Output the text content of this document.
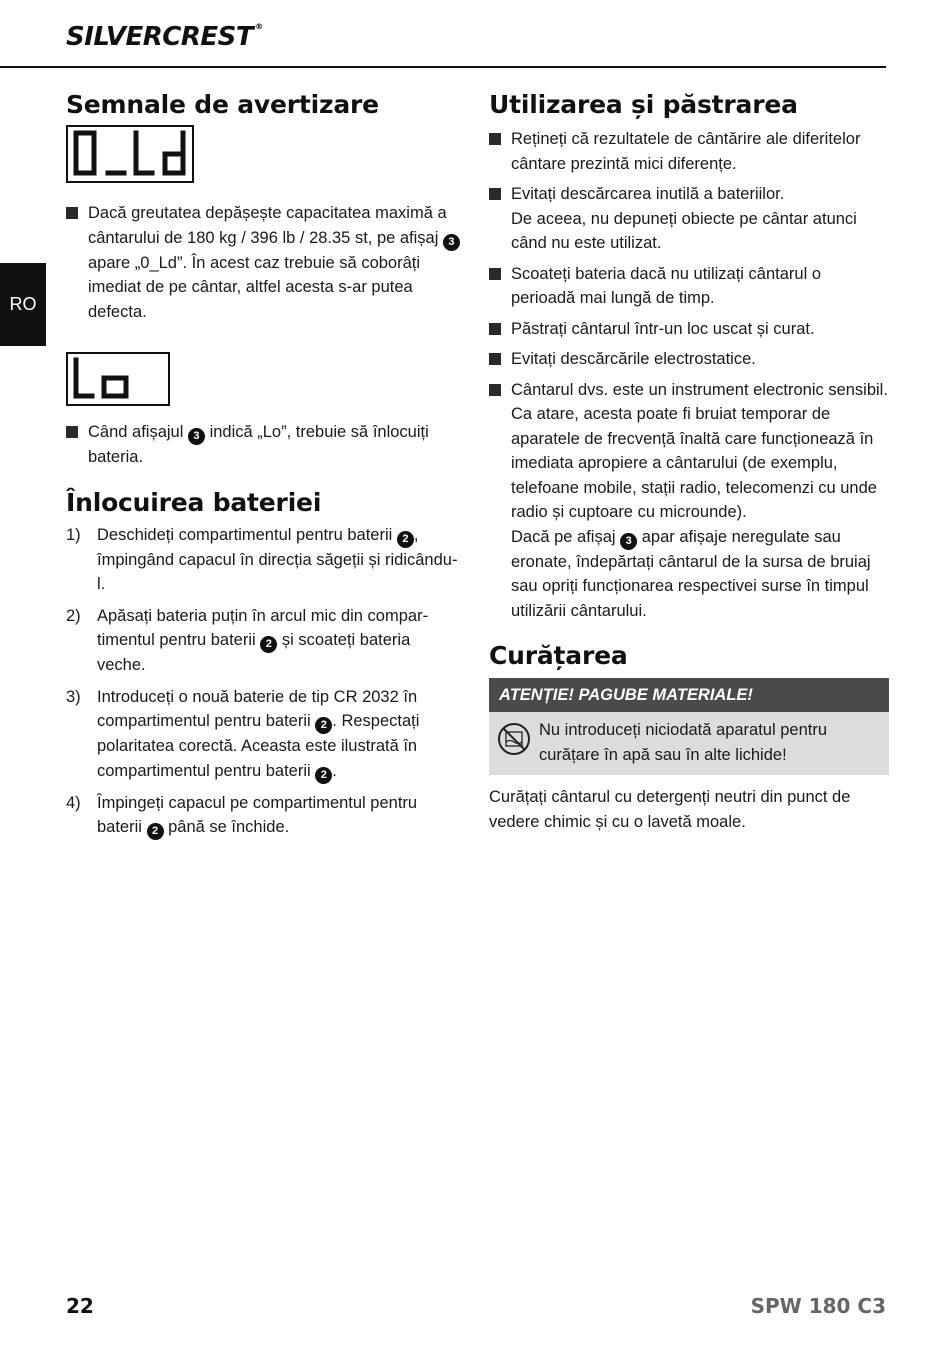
SILVERCREST ®
RO
Semnale de avertizare
Dacă greutatea depășește capacitatea maximă a cântarului de 180 kg / 396 lb / 28.35 st, pe afișaj 3 apare „0_Ld”. În acest caz trebuie să coborâți imediat de pe cântar, altfel acesta s-ar putea defecta.
Când afișajul 3 indică „Lo”, trebuie să înlocuiți bateria.
Înlocuirea bateriei
1) Deschideți compartimentul pentru baterii 2 , împingând capacul în direcția săgeții și ridicându-l.
2) Apăsați bateria puțin în arcul mic din compar-timentul pentru baterii 2 și scoateți bateria veche.
3) Introduceți o nouă baterie de tip CR 2032 în compartimentul pentru baterii 2 . Respectați polaritatea corectă. Aceasta este ilustrată în compartimentul pentru baterii 2 .
4) Împingeți capacul pe compartimentul pentru baterii 2 până se închide.
Utilizarea și păstrarea
Rețineți că rezultatele de cântărire ale diferitelor cântare prezintă mici diferențe.
Evitați descărcarea inutilă a bateriilor.
De aceea, nu depuneți obiecte pe cântar atunci când nu este utilizat.
Scoateți bateria dacă nu utilizați cântarul o perioadă mai lungă de timp.
Păstrați cântarul într-un loc uscat și curat.
Evitați descărcările electrostatice.
Cântarul dvs. este un instrument electronic sensibil. Ca atare, acesta poate fi bruiat temporar de aparatele de frecvență înaltă care funcționează în imediata apropiere a cântarului (de exemplu, telefoane mobile, stații radio, telecomenzi cu unde radio și cuptoare cu microunde).
Dacă pe afișaj 3 apar afișaje neregulate sau eronate, îndepărtați cântarul de la sursa de bruiaj sau opriți funcționarea respectivei surse în timpul utilizării cântarului.
Curățarea
ATENȚIE! PAGUBE MATERIALE!
Nu introduceți niciodată aparatul pentru curățare în apă sau în alte lichide!

Curățați cântarul cu detergenți neutri din punct de vedere chimic și cu o lavetă moale.

22	SPW 180 C3
